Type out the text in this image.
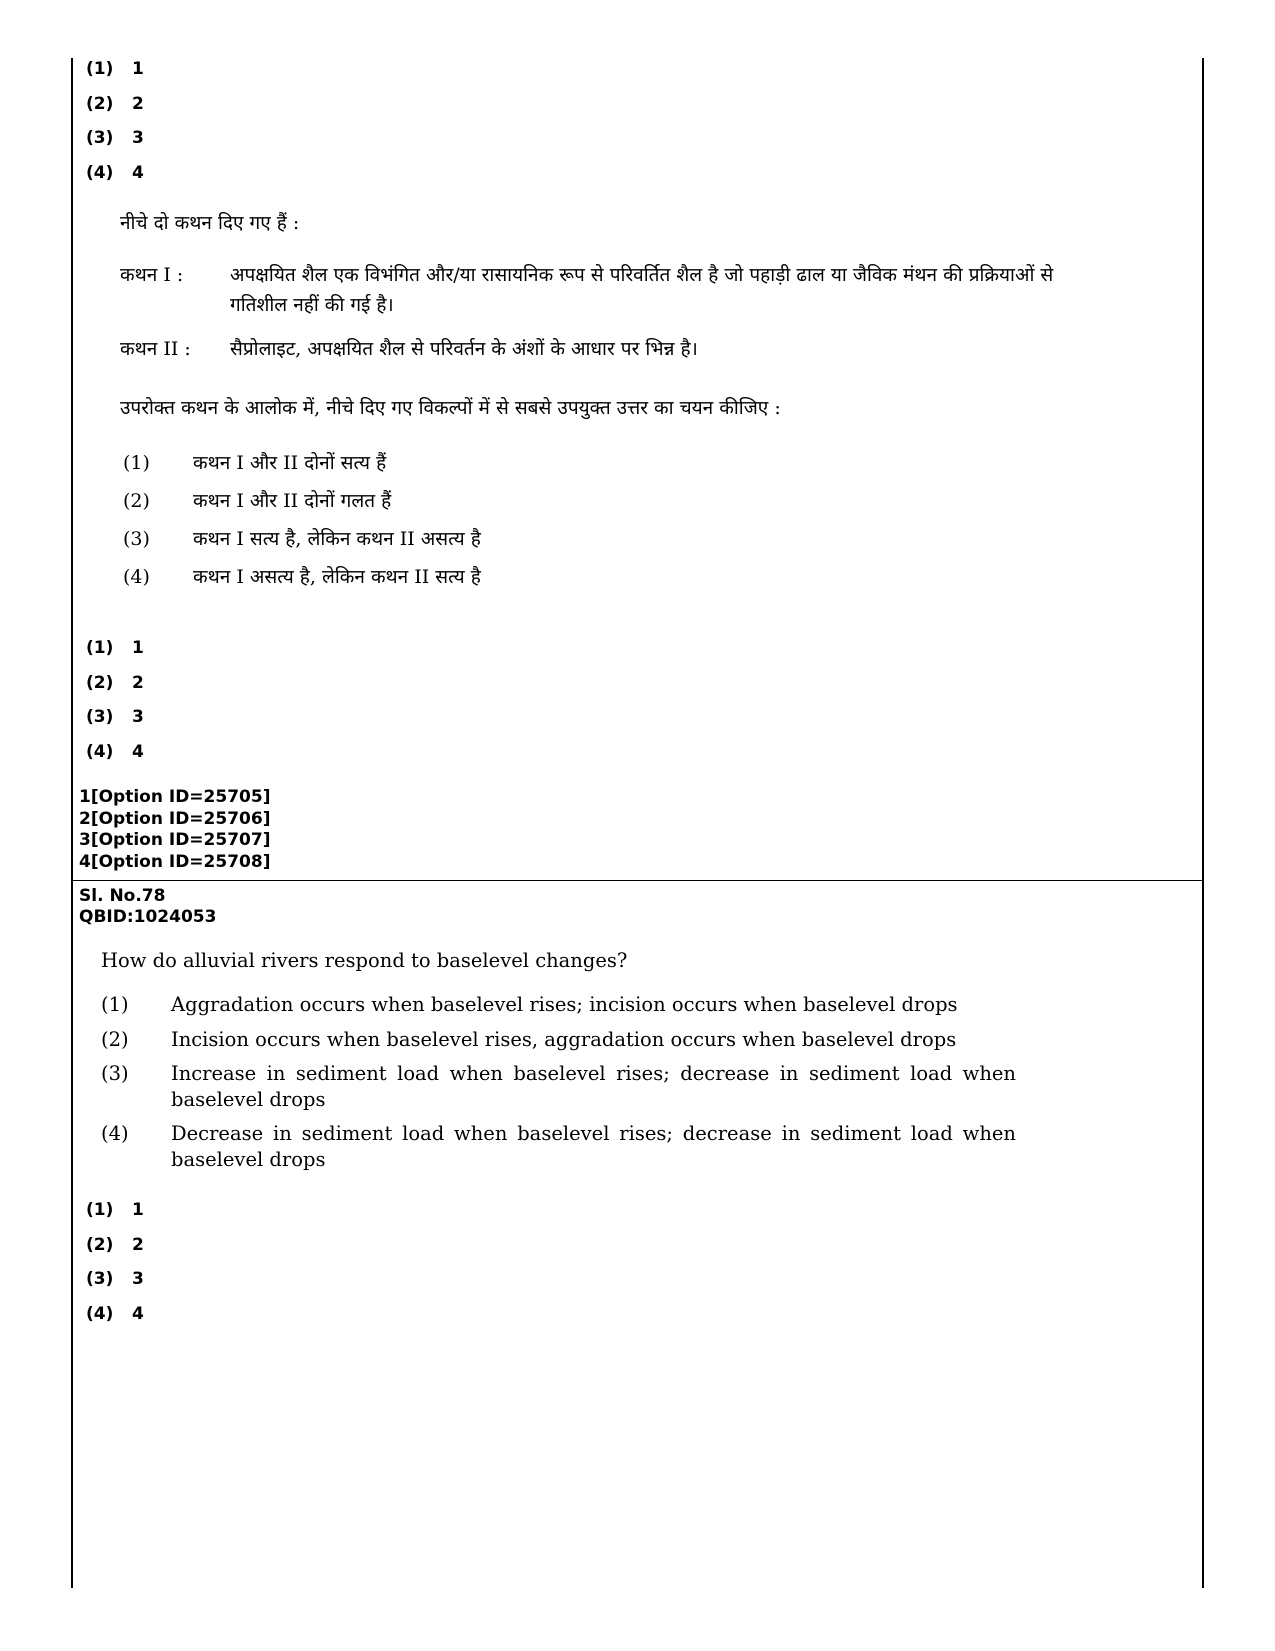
(1) 1
(2) 2
(3) 3
(4) 4
नीचे दो कथन दिए गए हैं :
कथन I : अपक्षयित शैल एक विभंगित और/या रासायनिक रूप से परिवर्तित शैल है जो पहाड़ी ढाल या जैविक मंथन की प्रक्रियाओं से गतिशील नहीं की गई है।
कथन II : सैप्रोलाइट, अपक्षयित शैल से परिवर्तन के अंशों के आधार पर भिन्न है।
उपरोक्त कथन के आलोक में, नीचे दिए गए विकल्पों में से सबसे उपयुक्त उत्तर का चयन कीजिए :
(1) कथन I और II दोनों सत्य हैं
(2) कथन I और II दोनों गलत हैं
(3) कथन I सत्य है, लेकिन कथन II असत्य है
(4) कथन I असत्य है, लेकिन कथन II सत्य है
(1) 1
(2) 2
(3) 3
(4) 4
1[Option ID=25705]
2[Option ID=25706]
3[Option ID=25707]
4[Option ID=25708]
Sl. No.78
QBID:1024053
How do alluvial rivers respond to baselevel changes?
(1) Aggradation occurs when baselevel rises; incision occurs when baselevel drops
(2) Incision occurs when baselevel rises, aggradation occurs when baselevel drops
(3) Increase in sediment load when baselevel rises; decrease in sediment load when baselevel drops
(4) Decrease in sediment load when baselevel rises; decrease in sediment load when baselevel drops
(1) 1
(2) 2
(3) 3
(4) 4
